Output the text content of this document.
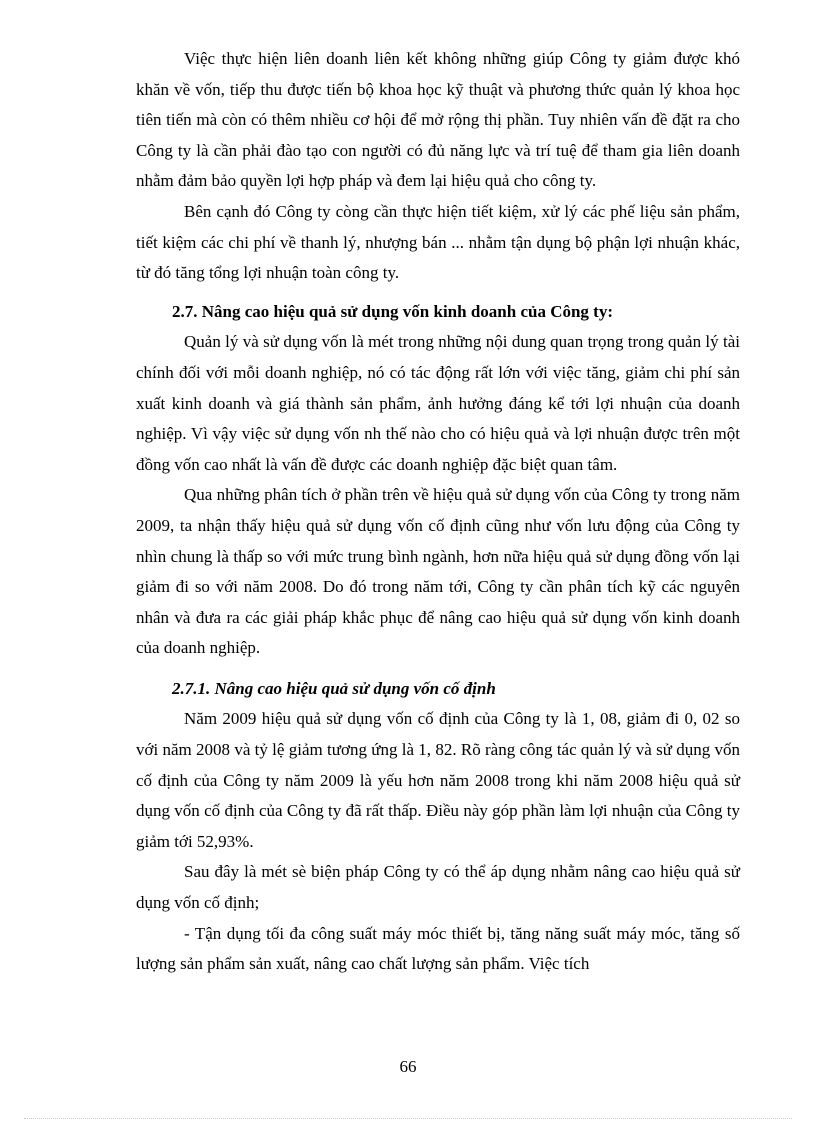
Việc thực hiện liên doanh liên kết không những giúp Công ty giảm được khó khăn về vốn, tiếp thu được tiến bộ khoa học kỹ thuật và phương thức quản lý khoa học tiên tiến mà còn có thêm nhiều cơ hội để mở rộng thị phần. Tuy nhiên vấn đề đặt ra cho Công ty là cần phải đào tạo con người có đủ năng lực và trí tuệ để tham gia liên doanh nhằm đảm bảo quyền lợi hợp pháp và đem lại hiệu quả cho công ty.

Bên cạnh đó Công ty còng cần thực hiện tiết kiệm, xử lý các phế liệu sản phẩm, tiết kiệm các chi phí về thanh lý, nhượng bán ... nhằm tận dụng bộ phận lợi nhuận khác, từ đó tăng tổng lợi nhuận toàn công ty.

2.7. Nâng cao hiệu quả sử dụng vốn kinh doanh của Công ty:

Quản lý và sử dụng vốn là mét trong những nội dung quan trọng trong quản lý tài chính đối với mỗi doanh nghiệp, nó có tác động rất lớn với việc tăng, giảm chi phí sản xuất kinh doanh và giá thành sản phẩm, ảnh hưởng đáng kể tới lợi nhuận của doanh nghiệp. Vì vậy việc sử dụng vốn nh thế nào cho có hiệu quả và lợi nhuận được trên một đồng vốn cao nhất là vấn đề được các doanh nghiệp đặc biệt quan tâm.

Qua những phân tích ở phần trên về hiệu quả sử dụng vốn của Công ty trong năm 2009, ta nhận thấy hiệu quả sử dụng vốn cố định cũng như vốn lưu động của Công ty nhìn chung là thấp so với mức trung bình ngành, hơn nữa hiệu quả sử dụng đồng vốn lại giảm đi so với năm 2008. Do đó trong năm tới, Công ty cần phân tích kỹ các nguyên nhân và đưa ra các giải pháp khắc phục để nâng cao hiệu quả sử dụng vốn kinh doanh của doanh nghiệp.

2.7.1. Nâng cao hiệu quả sử dụng vốn cố định

Năm 2009 hiệu quả sử dụng vốn cố định của Công ty là 1, 08, giảm đi 0, 02 so với năm 2008 và tỷ lệ giảm tương ứng là 1, 82. Rõ ràng công tác quản lý và sử dụng vốn cố định của Công ty năm 2009 là yếu hơn năm 2008 trong khi năm 2008 hiệu quả sử dụng vốn cố định của Công ty đã rất thấp. Điều này góp phần làm lợi nhuận của Công ty giảm tới 52,93%.

Sau đây là mét sè biện pháp Công ty có thể áp dụng nhằm nâng cao hiệu quả sử dụng vốn cố định;

- Tận dụng tối đa công suất máy móc thiết bị, tăng năng suất máy móc, tăng số lượng sản phẩm sản xuất, nâng cao chất lượng sản phẩm. Việc tích

66
